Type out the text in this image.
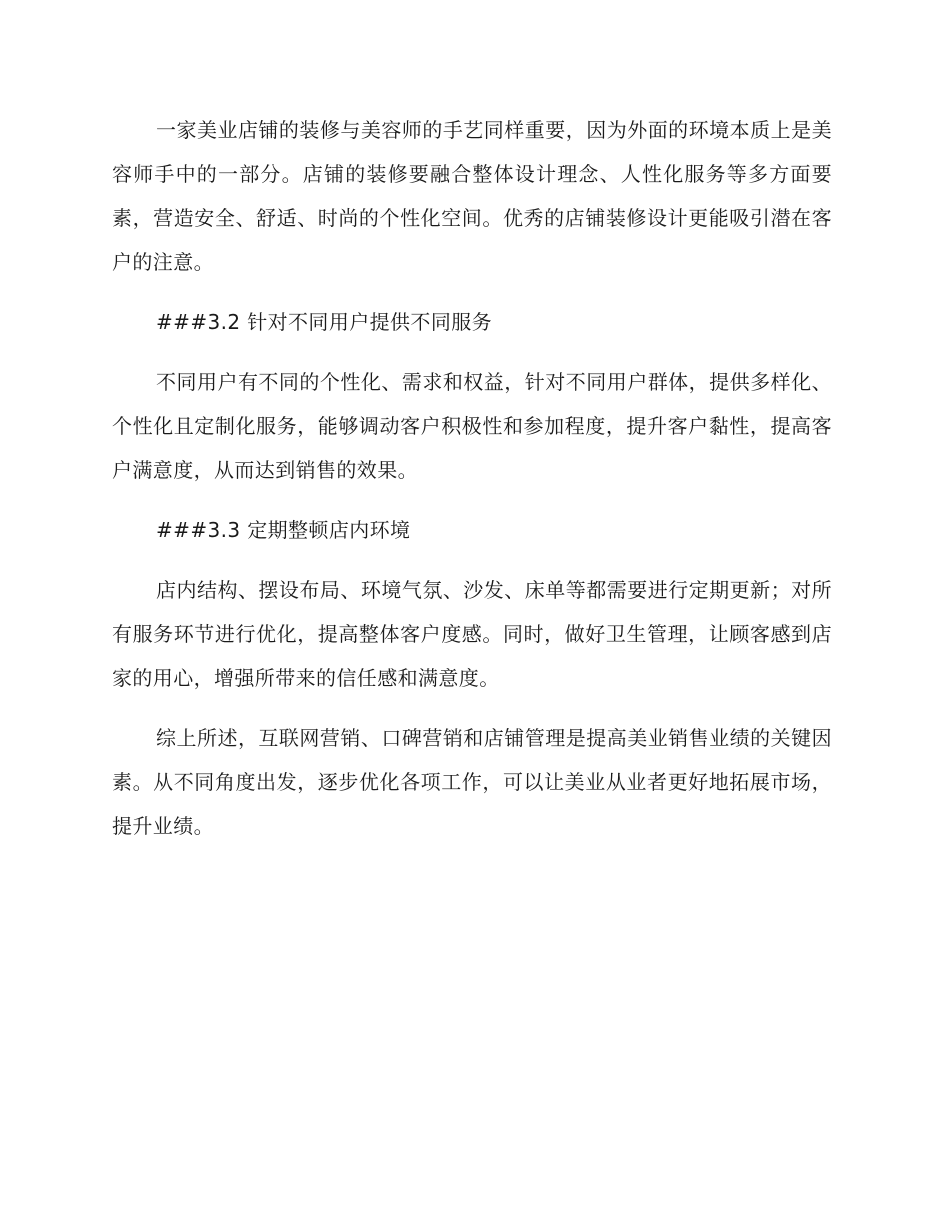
一家美业店铺的装修与美容师的手艺同样重要，因为外面的环境本质上是美容师手中的一部分。店铺的装修要融合整体设计理念、人性化服务等多方面要素，营造安全、舒适、时尚的个性化空间。优秀的店铺装修设计更能吸引潜在客户的注意。

###3.2 针对不同用户提供不同服务

不同用户有不同的个性化、需求和权益，针对不同用户群体，提供多样化、个性化且定制化服务，能够调动客户积极性和参加程度，提升客户黏性，提高客户满意度，从而达到销售的效果。

###3.3 定期整顿店内环境

店内结构、摆设布局、环境气氛、沙发、床单等都需要进行定期更新；对所有服务环节进行优化，提高整体客户度感。同时，做好卫生管理，让顾客感到店家的用心，增强所带来的信任感和满意度。

综上所述，互联网营销、口碑营销和店铺管理是提高美业销售业绩的关键因素。从不同角度出发，逐步优化各项工作，可以让美业从业者更好地拓展市场，提升业绩。
